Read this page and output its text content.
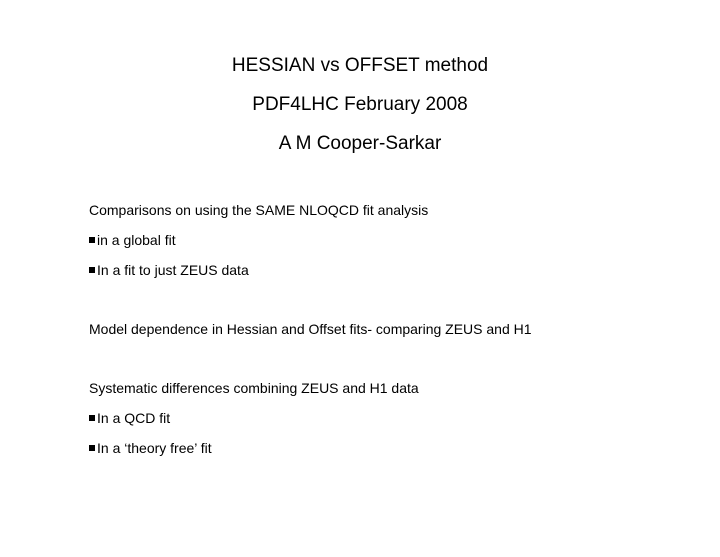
HESSIAN vs OFFSET method
PDF4LHC February 2008
A M Cooper-Sarkar
Comparisons on using the SAME NLOQCD fit analysis
in a global fit
In a fit to just ZEUS data
Model dependence in Hessian and Offset fits- comparing ZEUS and H1
Systematic differences combining ZEUS and H1 data
In a QCD fit
In a ‘theory free’ fit
